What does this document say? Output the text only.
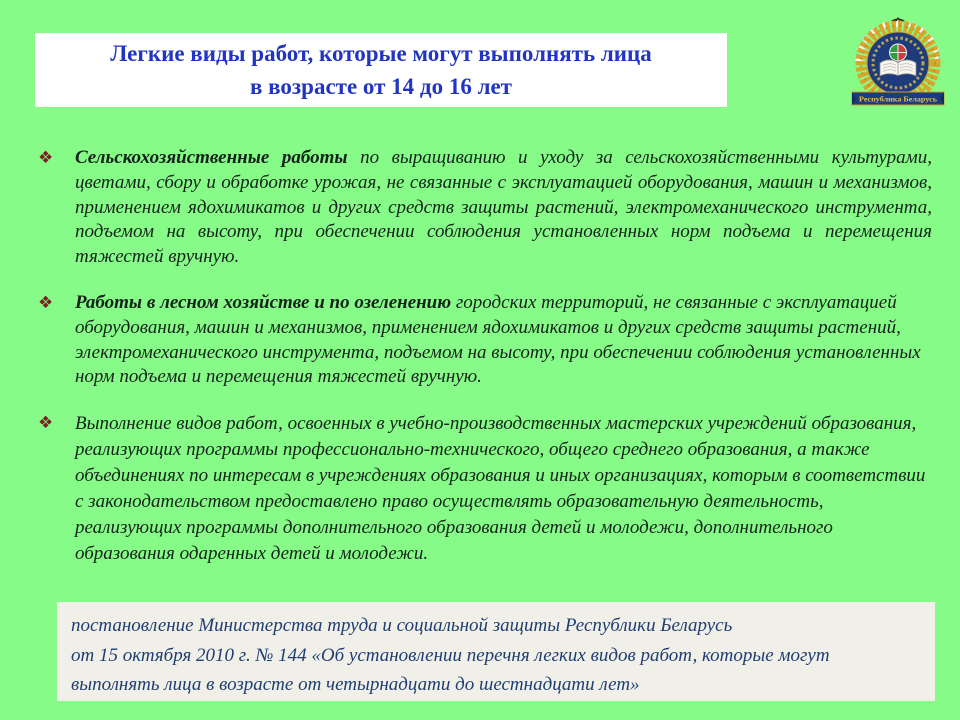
Легкие виды работ, которые могут выполнять лица
в возрасте от 14 до 16 лет	Республика Беларусь
❖	Сельскохозяйственные работы по выращиванию и уходу за сельскохозяйственными культурами, цветами, сбору и обработке урожая, не связанные с эксплуатацией оборудования, машин и механизмов, применением ядохимикатов и других средств защиты растений, электромеханического инструмента, подъемом на высоту, при обеспечении соблюдения установленных норм подъема и перемещения тяжестей вручную.
❖	Работы в лесном хозяйстве и по озеленению городских территорий, не связанные с эксплуатацией оборудования, машин и механизмов, применением ядохимикатов и других средств защиты растений, электромеханического инструмента, подъемом на высоту, при обеспечении соблюдения установленных норм подъема и перемещения тяжестей вручную.
❖	Выполнение видов работ, освоенных в учебно-производственных мастерских учреждений образования, реализующих программы профессионально-технического, общего среднего образования, а также объединениях по интересам в учреждениях образования и иных организациях, которым в соответствии с законодательством предоставлено право осуществлять образовательную деятельность, реализующих программы дополнительного образования детей и молодежи, дополнительного образования одаренных детей и молодежи.
постановление Министерства труда и социальной защиты Республики Беларусь
от 15 октября 2010 г. № 144 «Об установлении перечня легких видов работ, которые могут
выполнять лица в возрасте от четырнадцати до шестнадцати лет»
